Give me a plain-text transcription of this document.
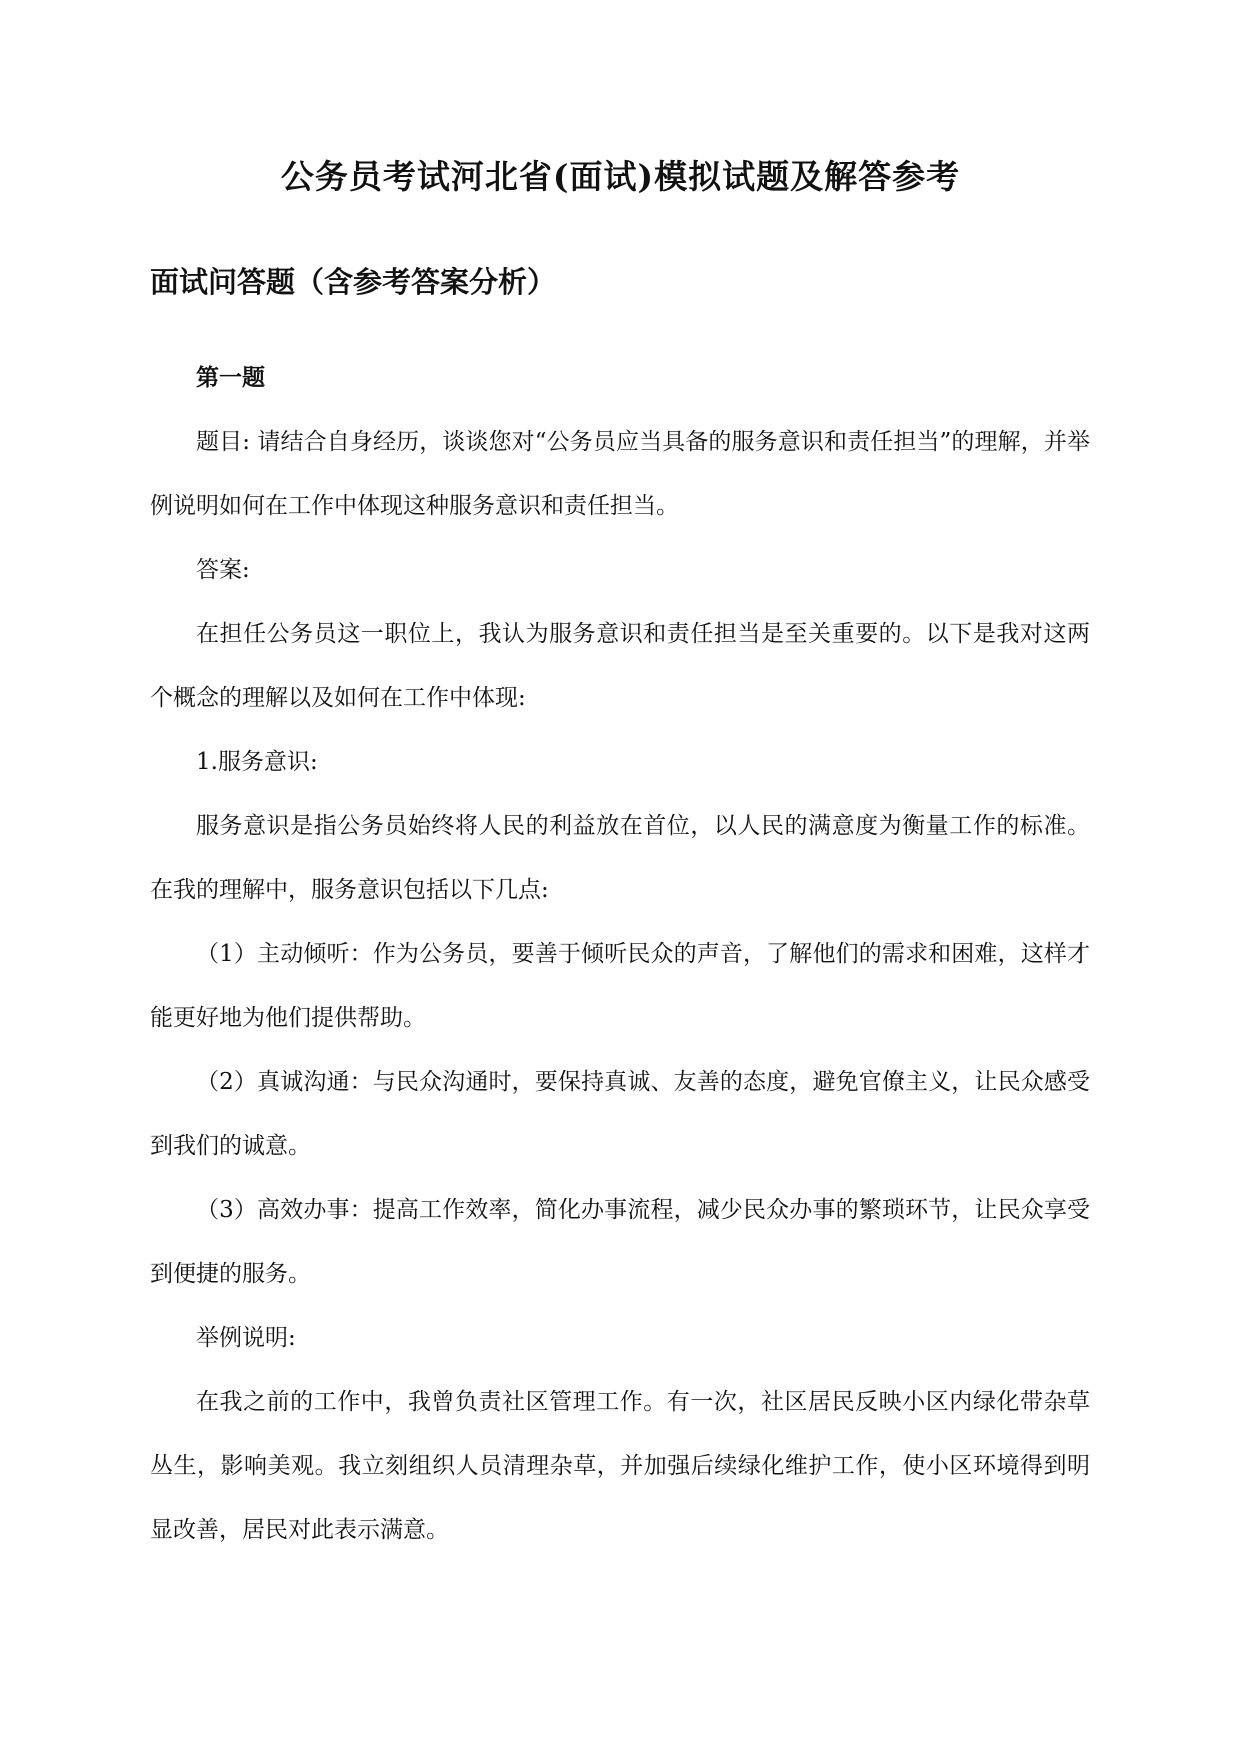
公务员考试河北省(面试)模拟试题及解答参考
面试问答题（含参考答案分析）

第一题

题目: 请结合自身经历，谈谈您对“公务员应当具备的服务意识和责任担当”的理解，并举例说明如何在工作中体现这种服务意识和责任担当。

答案:

在担任公务员这一职位上，我认为服务意识和责任担当是至关重要的。以下是我对这两个概念的理解以及如何在工作中体现:

1.服务意识:

服务意识是指公务员始终将人民的利益放在首位，以人民的满意度为衡量工作的标准。在我的理解中，服务意识包括以下几点:

（1）主动倾听：作为公务员，要善于倾听民众的声音，了解他们的需求和困难，这样才能更好地为他们提供帮助。

（2）真诚沟通：与民众沟通时，要保持真诚、友善的态度，避免官僚主义，让民众感受到我们的诚意。

（3）高效办事：提高工作效率，简化办事流程，减少民众办事的繁琐环节，让民众享受到便捷的服务。

举例说明:

在我之前的工作中，我曾负责社区管理工作。有一次，社区居民反映小区内绿化带杂草丛生，影响美观。我立刻组织人员清理杂草，并加强后续绿化维护工作，使小区环境得到明显改善，居民对此表示满意。
